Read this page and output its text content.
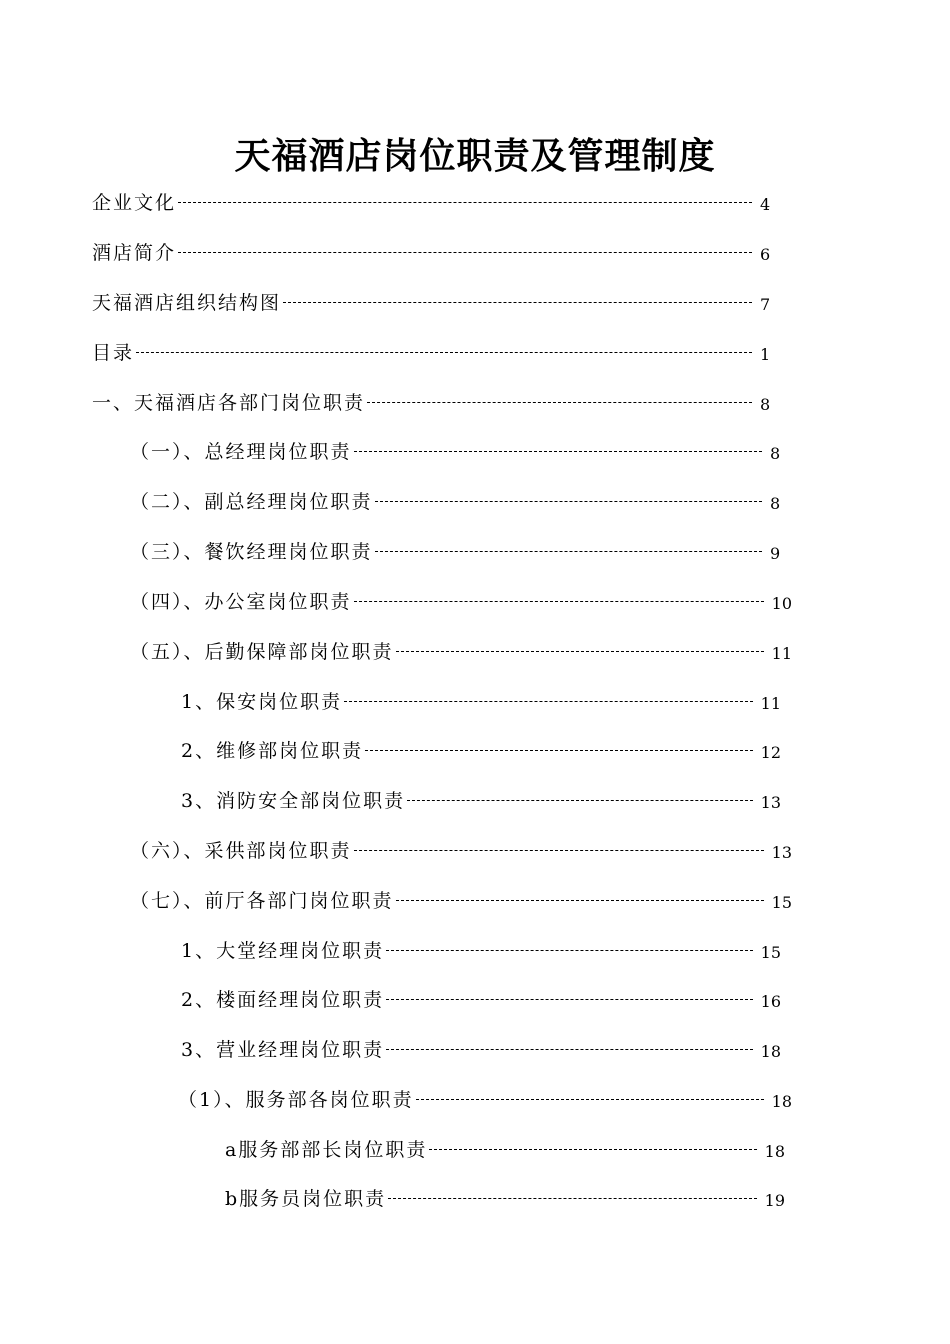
天福酒店岗位职责及管理制度
企业文化	4
酒店简介	6
天福酒店组织结构图	7
目录	1
一、天福酒店各部门岗位职责	8
（一）、总经理岗位职责	8
（二）、副总经理岗位职责	8
（三）、餐饮经理岗位职责	9
（四）、办公室岗位职责	10
（五）、后勤保障部岗位职责	11
1、保安岗位职责	11
2、维修部岗位职责	12
3、消防安全部岗位职责	13
（六）、采供部岗位职责	13
（七）、前厅各部门岗位职责	15
1、大堂经理岗位职责	15
2、楼面经理岗位职责	16
3、营业经理岗位职责	18
（1）、服务部各岗位职责	18
a服务部部长岗位职责	18
b服务员岗位职责	19
